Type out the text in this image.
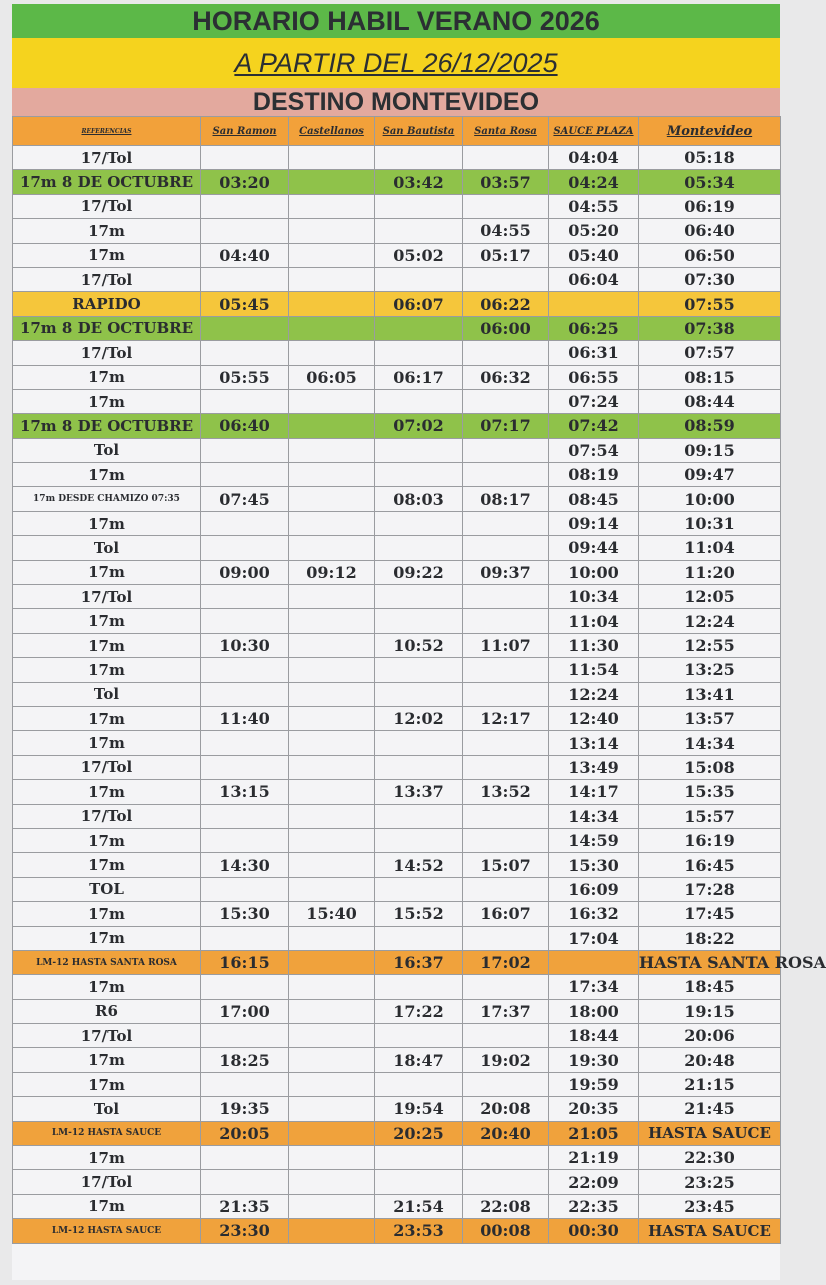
HORARIO HABIL VERANO 2026
A PARTIR DEL 26/12/2025
DESTINO MONTEVIDEO
REFERENCIAS	San Ramon	Castellanos	San Bautista	Santa Rosa	SAUCE PLAZA	Montevideo
17/Tol					04:04	05:18
17m 8 DE OCTUBRE	03:20		03:42	03:57	04:24	05:34
17/Tol					04:55	06:19
17m				04:55	05:20	06:40
17m	04:40		05:02	05:17	05:40	06:50
17/Tol					06:04	07:30
RAPIDO	05:45		06:07	06:22		07:55
17m 8 DE OCTUBRE				06:00	06:25	07:38
17/Tol					06:31	07:57
17m	05:55	06:05	06:17	06:32	06:55	08:15
17m					07:24	08:44
17m 8 DE OCTUBRE	06:40		07:02	07:17	07:42	08:59
Tol					07:54	09:15
17m					08:19	09:47
17m DESDE CHAMIZO 07:35	07:45		08:03	08:17	08:45	10:00
17m					09:14	10:31
Tol					09:44	11:04
17m	09:00	09:12	09:22	09:37	10:00	11:20
17/Tol					10:34	12:05
17m					11:04	12:24
17m	10:30		10:52	11:07	11:30	12:55
17m					11:54	13:25
Tol					12:24	13:41
17m	11:40		12:02	12:17	12:40	13:57
17m					13:14	14:34
17/Tol					13:49	15:08
17m	13:15		13:37	13:52	14:17	15:35
17/Tol					14:34	15:57
17m					14:59	16:19
17m	14:30		14:52	15:07	15:30	16:45
TOL					16:09	17:28
17m	15:30	15:40	15:52	16:07	16:32	17:45
17m					17:04	18:22
LM-12 HASTA SANTA ROSA	16:15		16:37	17:02		HASTA SANTA ROSA
17m					17:34	18:45
R6	17:00		17:22	17:37	18:00	19:15
17/Tol					18:44	20:06
17m	18:25		18:47	19:02	19:30	20:48
17m					19:59	21:15
Tol	19:35		19:54	20:08	20:35	21:45
LM-12 HASTA SAUCE	20:05		20:25	20:40	21:05	HASTA SAUCE
17m					21:19	22:30
17/Tol					22:09	23:25
17m	21:35		21:54	22:08	22:35	23:45
LM-12 HASTA SAUCE	23:30		23:53	00:08	00:30	HASTA SAUCE
